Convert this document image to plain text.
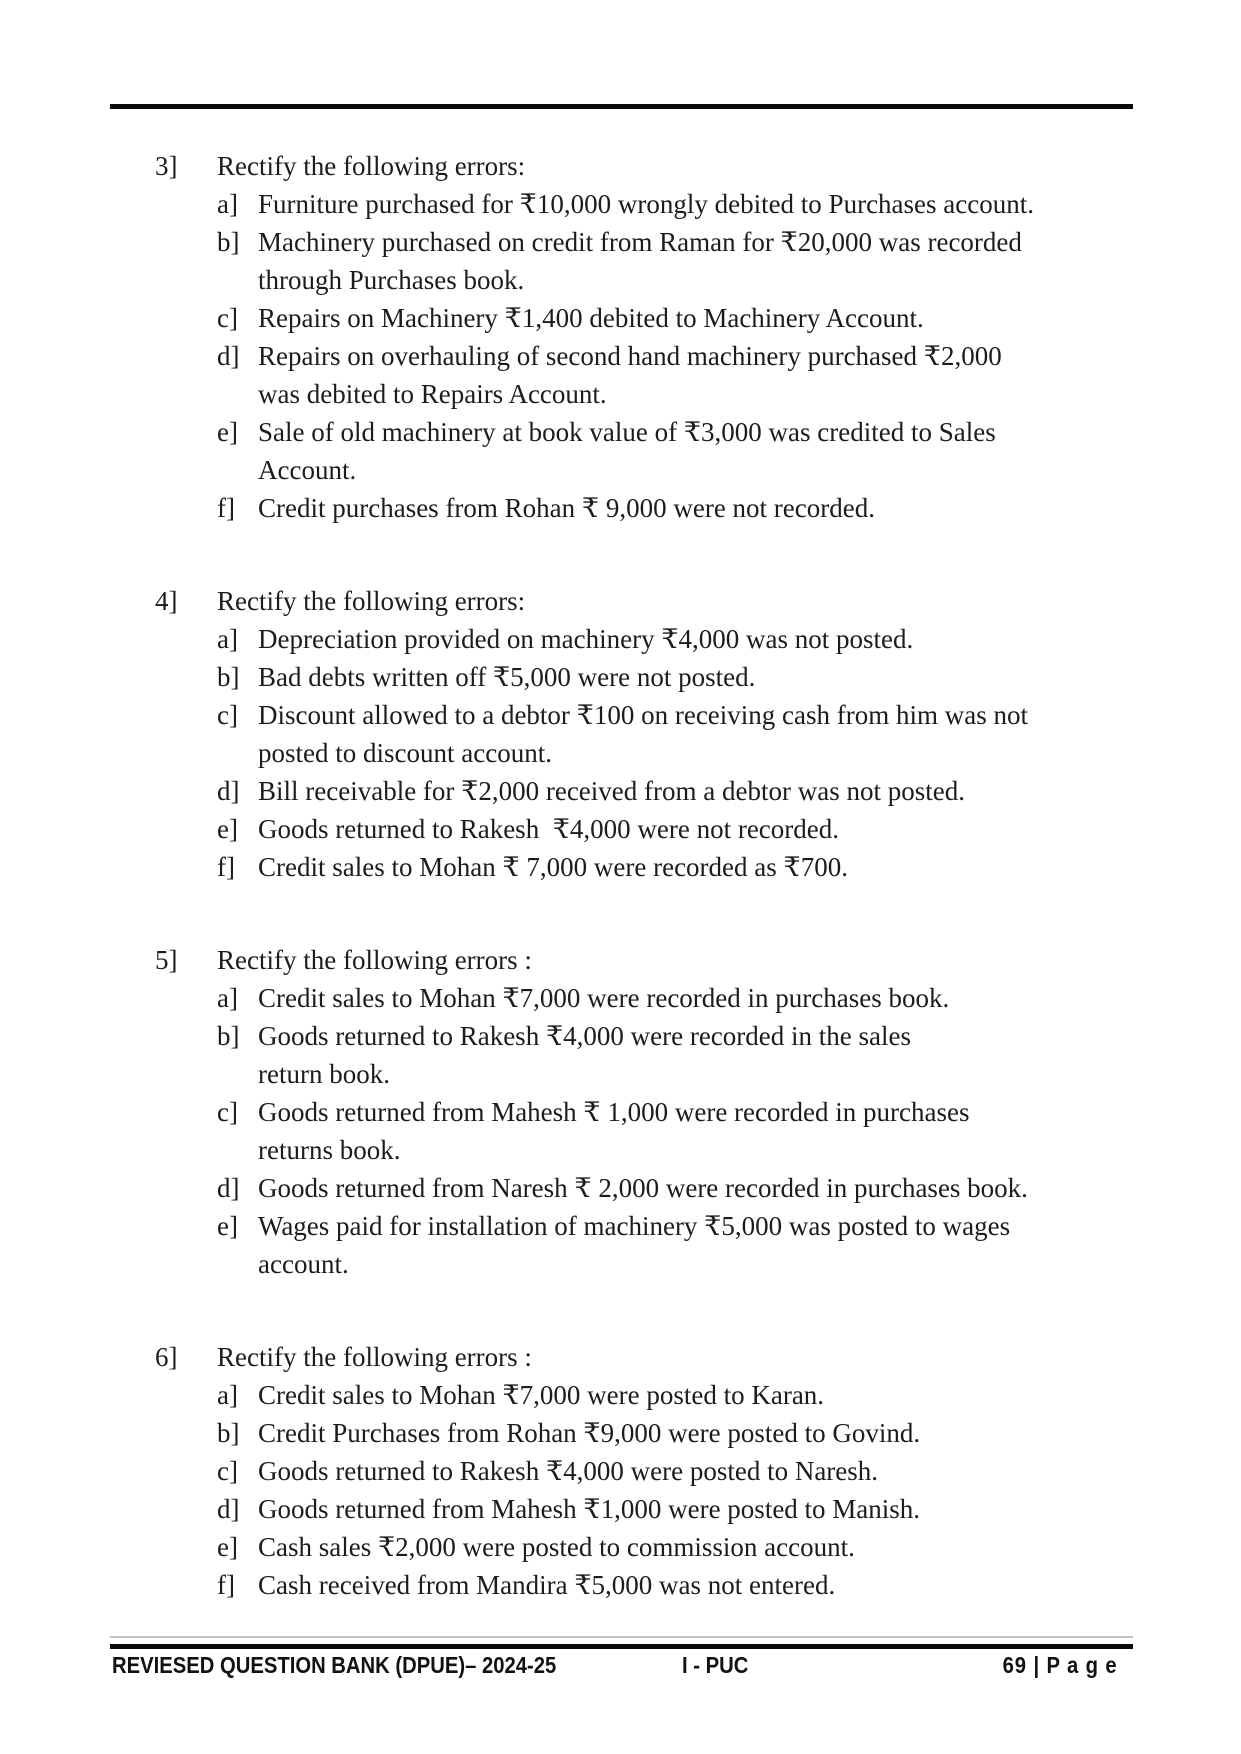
3] Rectify the following errors:
a] Furniture purchased for ₹10,000 wrongly debited to Purchases account.
b] Machinery purchased on credit from Raman for ₹20,000 was recorded
through Purchases book.
c] Repairs on Machinery ₹1,400 debited to Machinery Account.
d] Repairs on overhauling of second hand machinery purchased ₹2,000
was debited to Repairs Account.
e] Sale of old machinery at book value of ₹3,000 was credited to Sales
Account.
f] Credit purchases from Rohan ₹ 9,000 were not recorded.
4] Rectify the following errors:
a] Depreciation provided on machinery ₹4,000 was not posted.
b] Bad debts written off ₹5,000 were not posted.
c] Discount allowed to a debtor ₹100 on receiving cash from him was not
posted to discount account.
d] Bill receivable for ₹2,000 received from a debtor was not posted.
e] Goods returned to Rakesh  ₹4,000 were not recorded.
f] Credit sales to Mohan ₹ 7,000 were recorded as ₹700.
5] Rectify the following errors :
a] Credit sales to Mohan ₹7,000 were recorded in purchases book.
b] Goods returned to Rakesh ₹4,000 were recorded in the sales
return book.
c] Goods returned from Mahesh ₹ 1,000 were recorded in purchases
returns book.
d] Goods returned from Naresh ₹ 2,000 were recorded in purchases book.
e] Wages paid for installation of machinery ₹5,000 was posted to wages
account.
6] Rectify the following errors :
a] Credit sales to Mohan ₹7,000 were posted to Karan.
b] Credit Purchases from Rohan ₹9,000 were posted to Govind.
c] Goods returned to Rakesh ₹4,000 were posted to Naresh.
d] Goods returned from Mahesh ₹1,000 were posted to Manish.
e] Cash sales ₹2,000 were posted to commission account.
f] Cash received from Mandira ₹5,000 was not entered.
REVIESED QUESTION BANK (DPUE)– 2024-25	I - PUC	69 | P a g e
